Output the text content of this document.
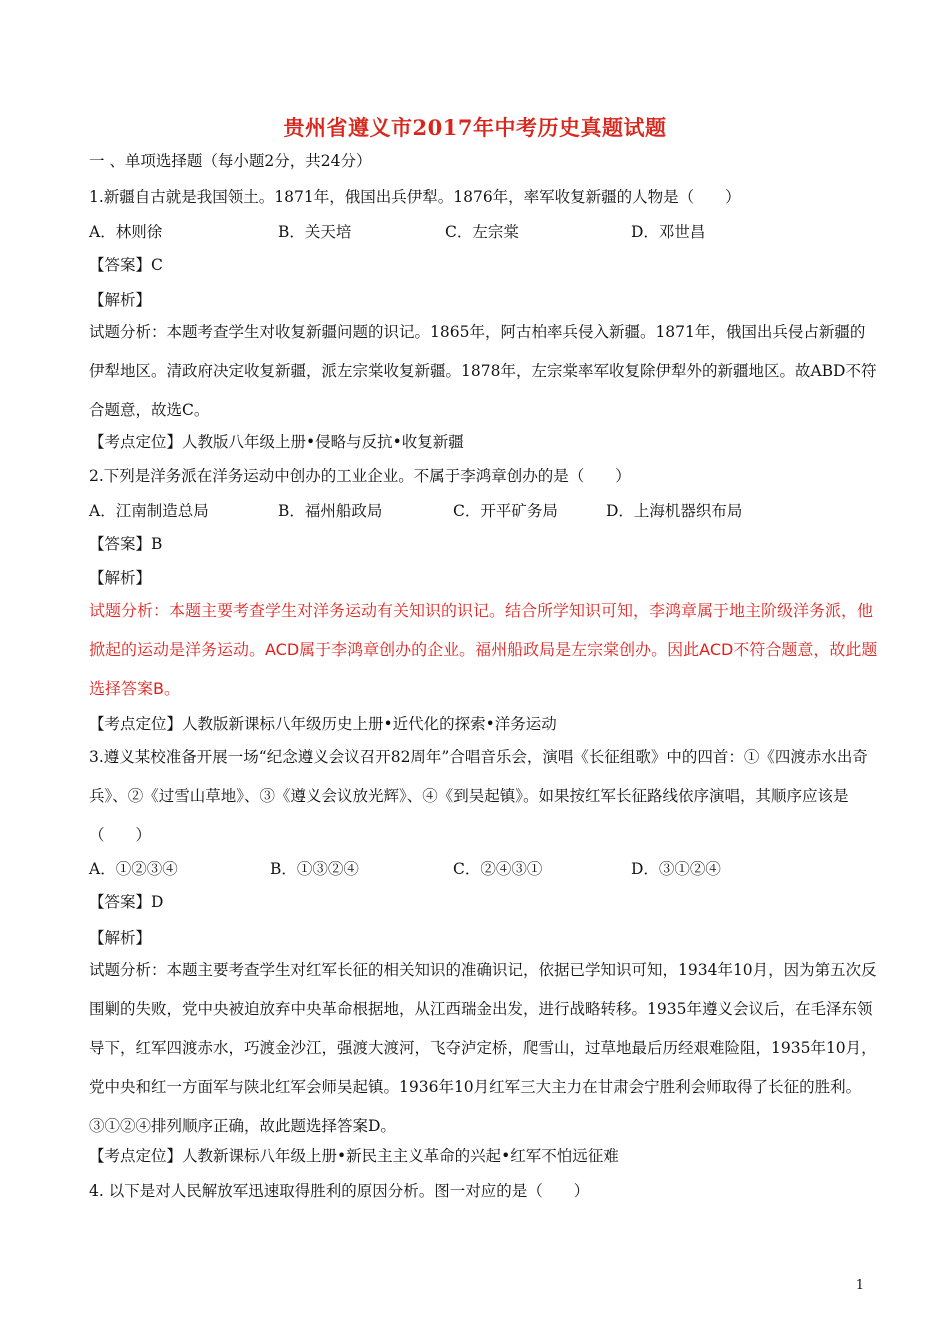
贵州省遵义市2017年中考历史真题试题
一 、单项选择题（每小题2分，共24分）
1.新疆自古就是我国领土。1871年，俄国出兵伊犁。1876年，率军收复新疆的人物是（　　）
A．林则徐	B．关天培	C．左宗棠	D．邓世昌
【答案】C
【解析】
试题分析：本题考查学生对收复新疆问题的识记。1865年，阿古柏率兵侵入新疆。1871年，俄国出兵侵占新疆的伊犁地区。清政府决定收复新疆，派左宗棠收复新疆。1878年，左宗棠率军收复除伊犁外的新疆地区。故ABD不符合题意，故选C。
【考点定位】人教版八年级上册•侵略与反抗•收复新疆
2.下列是洋务派在洋务运动中创办的工业企业。不属于李鸿章创办的是（　　）
A．江南制造总局	B．福州船政局	C．开平矿务局	D．上海机器织布局
【答案】B
【解析】
试题分析：本题主要考查学生对洋务运动有关知识的识记。结合所学知识可知，李鸿章属于地主阶级洋务派，他掀起的运动是洋务运动。ACD属于李鸿章创办的企业。福州船政局是左宗棠创办。因此ACD不符合题意，故此题选择答案B。
【考点定位】人教版新课标八年级历史上册•近代化的探索•洋务运动
3.遵义某校准备开展一场“纪念遵义会议召开82周年”合唱音乐会，演唱《长征组歌》中的四首：①《四渡赤水出奇兵》、②《过雪山草地》、③《遵义会议放光辉》、④《到吴起镇》。如果按红军长征路线依序演唱，其顺序应该是（　　）
A．①②③④	B．①③②④	C．②④③①	D．③①②④
【答案】D
【解析】
试题分析：本题主要考查学生对红军长征的相关知识的准确识记，依据已学知识可知，1934年10月，因为第五次反围剿的失败，党中央被迫放弃中央革命根据地，从江西瑞金出发，进行战略转移。1935年遵义会议后，在毛泽东领导下，红军四渡赤水，巧渡金沙江，强渡大渡河，飞夺泸定桥，爬雪山，过草地最后历经艰难险阻，1935年10月，党中央和红一方面军与陕北红军会师吴起镇。1936年10月红军三大主力在甘肃会宁胜利会师取得了长征的胜利。③①②④排列顺序正确，故此题选择答案D。
【考点定位】人教新课标八年级上册•新民主主义革命的兴起•红军不怕远征难
4. 以下是对人民解放军迅速取得胜利的原因分析。图一对应的是（　　）
1
